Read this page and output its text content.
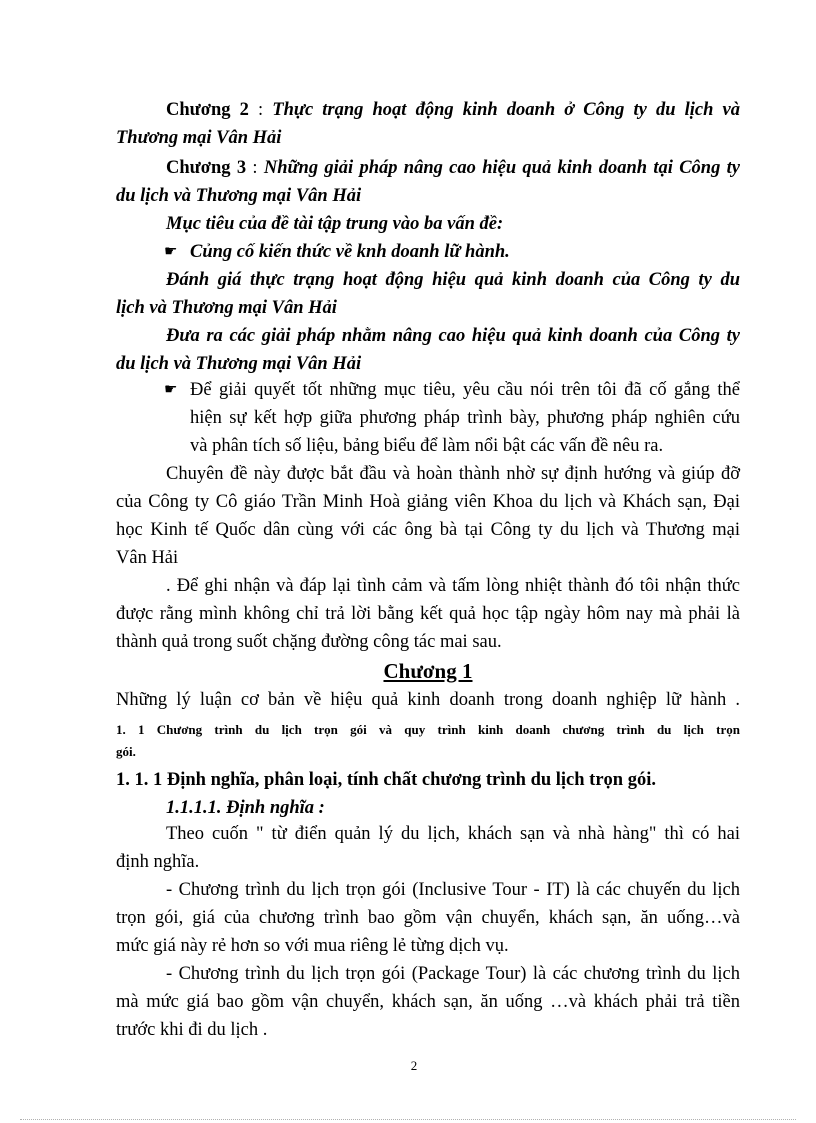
Chương 2 : Thực trạng hoạt động kinh doanh ở Công ty du lịch và
Thương mại Vân Hải
Chương 3 : Những giải pháp nâng cao hiệu quả kinh doanh tại Công ty
du lịch và Thương mại Vân Hải
Mục tiêu của đề tài tập trung vào ba vấn đề:
☛ Củng cố kiến thức về knh doanh lữ hành.
Đánh giá thực trạng hoạt động hiệu quả kinh doanh của Công ty du
lịch và Thương mại Vân Hải
Đưa ra các giải pháp nhằm nâng cao hiệu quả kinh doanh của Công ty
du lịch và Thương mại Vân Hải
☛ Để giải quyết tốt những mục tiêu, yêu cầu nói trên tôi đã cố gắng thể
hiện sự kết hợp giữa phương pháp trình bày, phương pháp nghiên cứu
và phân tích số liệu, bảng biểu để làm nổi bật các vấn đề nêu ra.
Chuyên đề này được bắt đầu và hoàn thành nhờ sự định hướng và giúp đỡ
của Công ty Cô giáo Trần Minh Hoà giảng viên Khoa du lịch và Khách sạn, Đại
học Kinh tế Quốc dân cùng với các ông bà tại Công ty du lịch và Thương mại
Vân Hải
. Để ghi nhận và đáp lại tình cảm và tấm lòng nhiệt thành đó tôi nhận thức
được rằng mình không chỉ trả lời bằng kết quả học tập ngày hôm nay mà phải là
thành quả trong suốt chặng đường công tác mai sau.
Chương 1
Những lý luận cơ bản về hiệu quả kinh doanh trong doanh nghiệp lữ hành .
1. 1 Chương trình du lịch trọn gói và quy trình kinh doanh chương trình du lịch trọn
gói.
1. 1. 1 Định nghĩa, phân loại, tính chất chương trình du lịch trọn gói.
1.1.1.1. Định nghĩa :
Theo cuốn " từ điển quản lý du lịch, khách sạn và nhà hàng" thì có hai
định nghĩa.
- Chương trình du lịch trọn gói (Inclusive Tour - IT) là các chuyến du lịch
trọn gói, giá của chương trình bao gồm vận chuyển, khách sạn, ăn uống…và
mức giá này rẻ hơn so với mua riêng lẻ từng dịch vụ.
- Chương trình du lịch trọn gói (Package Tour) là các chương trình du lịch
mà mức giá bao gồm vận chuyển, khách sạn, ăn uống …và khách phải trả tiền
trước khi đi du lịch .
2
